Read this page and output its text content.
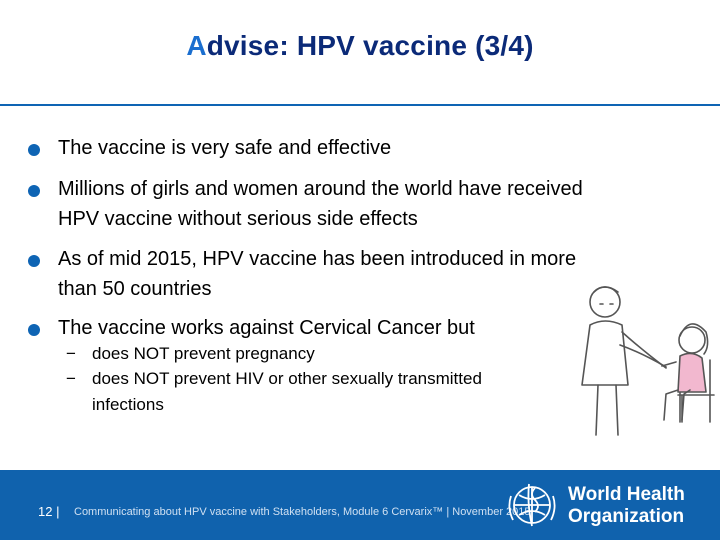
Advise: HPV vaccine (3/4)
The vaccine is very safe and effective
Millions of girls and women around the world have received
HPV vaccine without serious side effects
As of mid 2015, HPV vaccine has been introduced in more
than 50 countries
The vaccine works against Cervical Cancer but
− does NOT prevent pregnancy
− does NOT prevent HIV or other sexually transmitted
infections
12 | Communicating about HPV vaccine with Stakeholders, Module 6 Cervarix™ | November 2015
World Health
Organization
